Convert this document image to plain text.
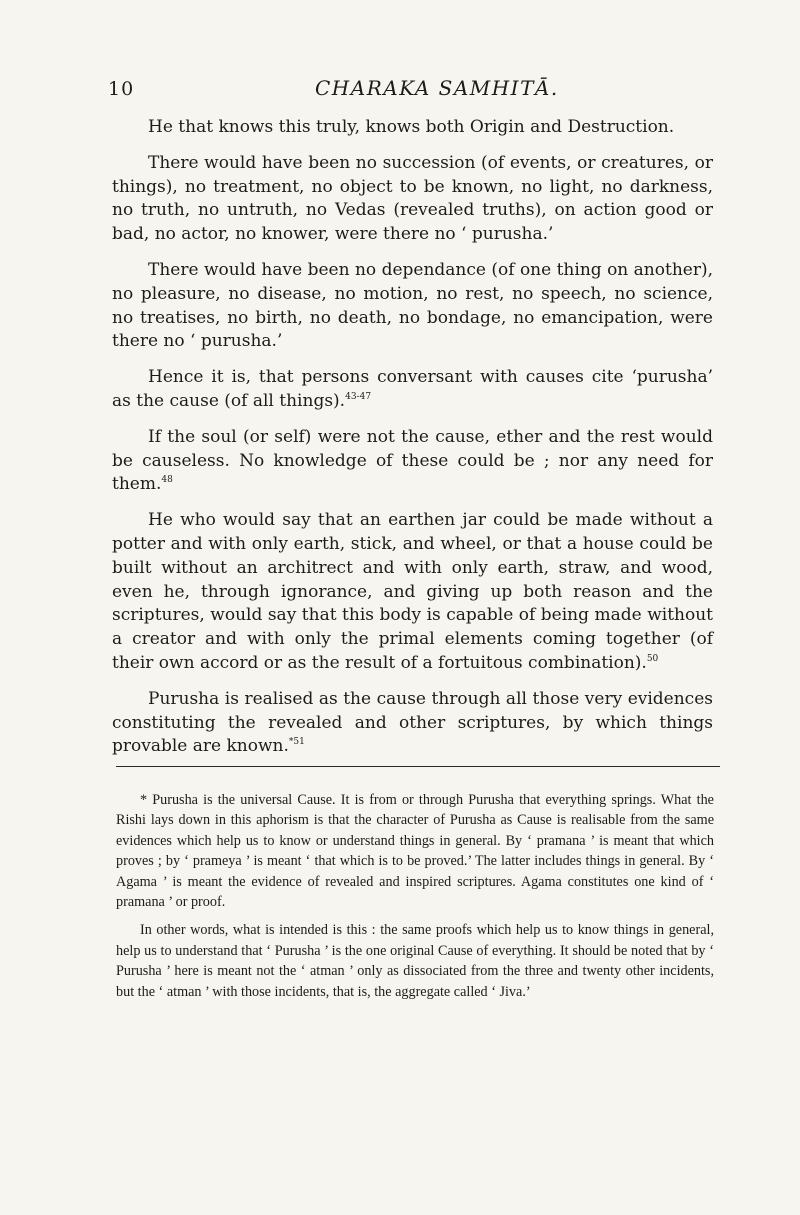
10	CHARAKA SAMHITĀ.

He that knows this truly, knows both Origin and Destruction.

There would have been no succession (of events, or creatures, or things), no treatment, no object to be known, no light, no darkness, no truth, no untruth, no Vedas (revealed truths), on action good or bad, no actor, no knower, were there no ‘ purusha.’

There would have been no dependance (of one thing on another), no pleasure, no disease, no motion, no rest, no speech, no science, no treatises, no birth, no death, no bondage, no emancipation, were there no ‘ purusha.’

Hence it is, that persons conversant with causes cite ‘purusha’ as the cause (of all things).$^{43-47}$

If the soul (or self) were not the cause, ether and the rest would be causeless. No knowledge of these could be ; nor any need for them.$^{48}$

He who would say that an earthen jar could be made without a potter and with only earth, stick, and wheel, or that a house could be built without an architrect and with only earth, straw, and wood, even he, through ignorance, and giving up both reason and the scriptures, would say that this body is capable of being made without a creator and with only the primal elements coming together (of their own accord or as the result of a fortuitous combination).$^{50}$

Purusha is realised as the cause through all those very evidences constituting the revealed and other scriptures, by which things provable are known.$^{*51}$

* Purusha is the universal Cause. It is from or through Purusha that everything springs. What the Rishi lays down in this aphorism is that the character of Purusha as Cause is realisable from the same evidences which help us to know or understand things in general. By ‘ pramana ’ is meant that which proves ; by ‘ prameya ’ is meant ‘ that which is to be proved.’ The latter includes things in general. By ‘ Agama ’ is meant the evidence of revealed and inspired scriptures. Agama constitutes one kind of ‘ pramana ’ or proof.

In other words, what is intended is this : the same proofs which help us to know things in general, help us to understand that ‘ Purusha ’ is the one original Cause of everything. It should be noted that by ‘ Purusha ’ here is meant not the ‘ atman ’ only as dissociated from the three and twenty other incidents, but the ‘ atman ’ with those incidents, that is, the aggregate called ‘ Jiva.’
